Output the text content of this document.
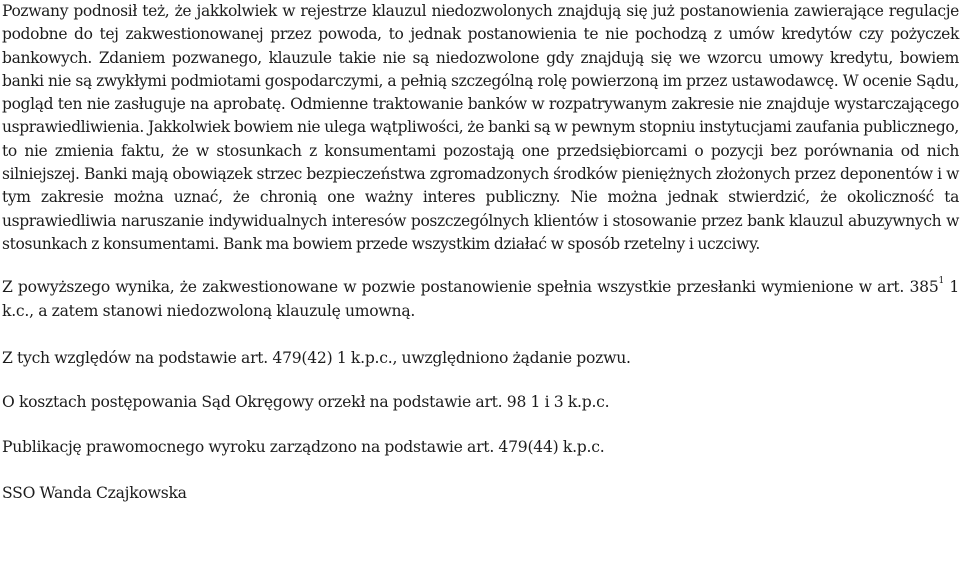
Pozwany podnosił też, że jakkolwiek w rejestrze klauzul niedozwolonych znajdują się już postanowienia zawierające regulacje podobne do tej zakwestionowanej przez powoda, to jednak postanowienia te nie pochodzą z umów kredytów czy pożyczek bankowych. Zdaniem pozwanego, klauzule takie nie są niedozwolone gdy znajdują się we wzorcu umowy kredytu, bowiem banki nie są zwykłymi podmiotami gospodarczymi, a pełnią szczególną rolę powierzoną im przez ustawodawcę. W ocenie Sądu, pogląd ten nie zasługuje na aprobatę. Odmienne traktowanie banków w rozpatrywanym zakresie nie znajduje wystarczającego usprawiedliwienia. Jakkolwiek bowiem nie ulega wątpliwości, że banki są w pewnym stopniu instytucjami zaufania publicznego, to nie zmienia faktu, że w stosunkach z konsumentami pozostają one przedsiębiorcami o pozycji bez porównania od nich silniejszej. Banki mają obowiązek strzec bezpieczeństwa zgromadzonych środków pieniężnych złożonych przez deponentów i w tym zakresie można uznać, że chronią one ważny interes publiczny. Nie można jednak stwierdzić, że okoliczność ta usprawiedliwia naruszanie indywidualnych interesów poszczególnych klientów i stosowanie przez bank klauzul abuzywnych w stosunkach z konsumentami. Bank ma bowiem przede wszystkim działać w sposób rzetelny i uczciwy.

Z powyższego wynika, że zakwestionowane w pozwie postanowienie spełnia wszystkie przesłanki wymienione w art. $385^1$ 1 k.c., a zatem stanowi niedozwoloną klauzulę umowną.

Z tych względów na podstawie art. 479(42) 1 k.p.c., uwzględniono żądanie pozwu.

O kosztach postępowania Sąd Okręgowy orzekł na podstawie art. 98 1 i 3 k.p.c.

Publikację prawomocnego wyroku zarządzono na podstawie art. 479(44) k.p.c.

SSO Wanda Czajkowska
